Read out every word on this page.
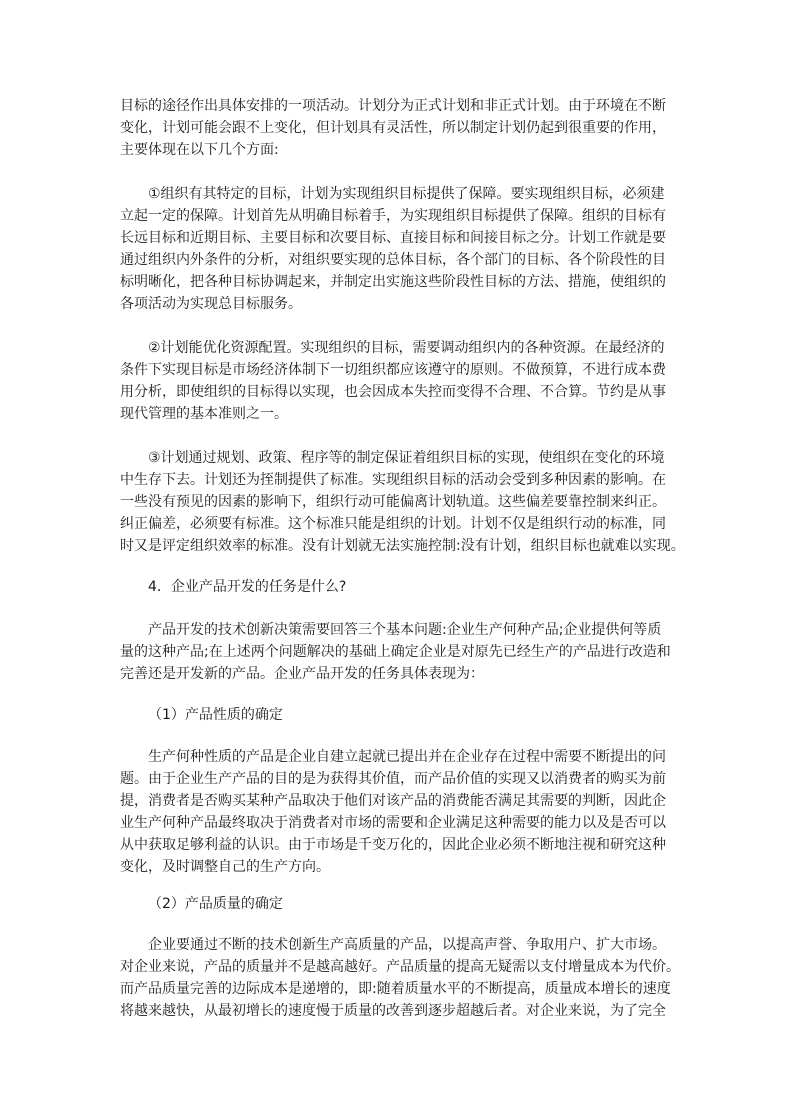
目标的途径作出具体安排的一项活动。计划分为正式计划和非正式计划。由于环境在不断
变化，计划可能会跟不上变化，但计划具有灵活性，所以制定计划仍起到很重要的作用，
主要体现在以下几个方面:
①组织有其特定的目标，计划为实现组织目标提供了保障。要实现组织目标，必须建
立起一定的保障。计划首先从明确目标着手，为实现组织目标提供了保障。组织的目标有
长远目标和近期目标、主要目标和次要目标、直接目标和间接目标之分。计划工作就是要
通过组织内外条件的分析，对组织要实现的总体目标，各个部门的目标、各个阶段性的目
标明晰化，把各种目标协调起来，并制定出实施这些阶段性目标的方法、措施，使组织的
各项活动为实现总目标服务。
②计划能优化资源配置。实现组织的目标，需要调动组织内的各种资源。在最经济的
条件下实现目标是市场经济体制下一切组织都应该遵守的原则。不做预算，不进行成本费
用分析，即使组织的目标得以实现，也会因成本失控而变得不合理、不合算。节约是从事
现代管理的基本准则之一。
③计划通过规划、政策、程序等的制定保证着组织目标的实现，使组织在变化的环境
中生存下去。计划还为挃制提供了标准。实现组织目标的活动会受到多种因素的影响。在
一些没有预见的因素的影响下，组织行动可能偏离计划轨道。这些偏差要靠控制来纠正。
纠正偏差，必须要有标准。这个标准只能是组织的计划。计划不仅是组织行动的标准，同
时又是评定组织效率的标准。没有计划就无法实施控制:没有计划，组织目标也就难以实现。
4．企业产品开发的任务是什么?
产品开发的技术创新决策需要回答三个基本问题:企业生产何种产品;企业提供何等质
量的这种产品;在上述两个问题解决的基础上确定企业是对原先已经生产的产品进行改造和
完善还是开发新的产品。企业产品开发的任务具体表现为：
（1）产品性质的确定
生产何种性质的产品是企业自建立起就已提出并在企业存在过程中需要不断提出的问
题。由于企业生产产品的目的是为获得其价值，而产品价值的实现又以消费者的购买为前
提，消费者是否购买某种产品取决于他们对该产品的消费能否满足其需要的判断，因此企
业生产何种产品最终取决于消费者对市场的需要和企业满足这种需要的能力以及是否可以
从中获取足够利益的认识。由于市场是千变万化的，因此企业必须不断地注视和研究这种
变化，及时调整自己的生产方向。
（2）产品质量的确定
企业要通过不断的技术创新生产高质量的产品，以提高声誉、争取用户、扩大市场。
对企业来说，产品的质量并不是越高越好。产品质量的提高无疑需以支付增量成本为代价。
而产品质量完善的边际成本是递增的，即:随着质量水平的不断提高，质量成本增长的速度
将越来越快，从最初增长的速度慢于质量的改善到逐步超越后者。对企业来说，为了完全
